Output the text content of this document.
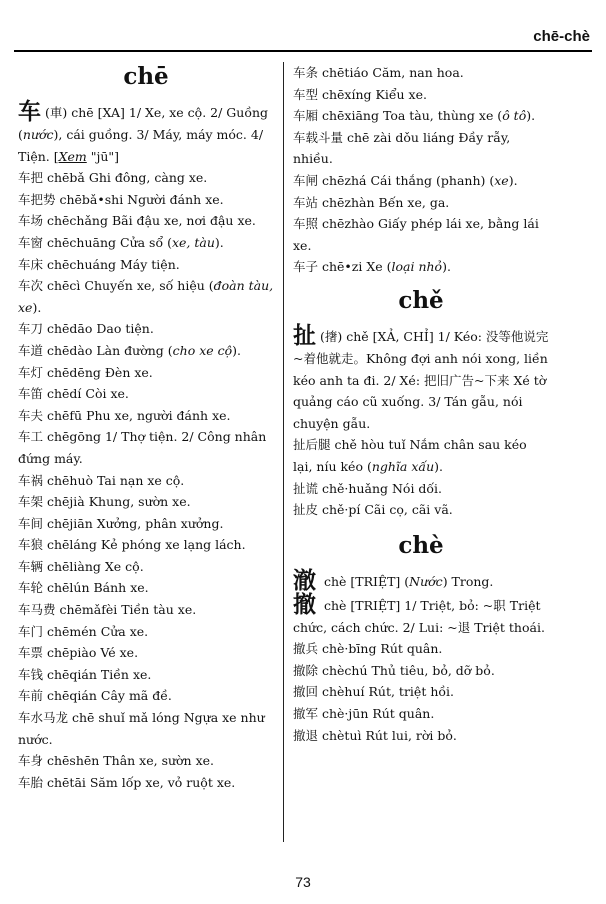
chē-chè
chē
车 (車) chē [XA] 1/ Xe, xe cộ. 2/ Guồng (nước), cái guồng. 3/ Máy, máy móc. 4/ Tiện. [Xem "jū"]
车把 chēbǎ Ghi đông, càng xe.
车把势 chēbǎ•shi Người đánh xe.
车场 chēchǎng Bãi đậu xe, nơi đậu xe.
车窗 chēchuāng Cửa sổ (xe, tàu).
车床 chēchuáng Máy tiện.
车次 chēcì Chuyến xe, số hiệu (đoàn tàu, xe).
车刀 chēdāo Dao tiện.
车道 chēdào Làn đường (cho xe cộ).
车灯 chēdēng Đèn xe.
车笛 chēdí Còi xe.
车夫 chēfū Phu xe, người đánh xe.
车工 chēgōng 1/ Thợ tiện. 2/ Công nhân đứng máy.
车祸 chēhuò Tai nạn xe cộ.
车架 chējià Khung, sườn xe.
车间 chējiān Xưởng, phân xưởng.
车狼 chēláng Kẻ phóng xe lạng lách.
车辆 chēliàng Xe cộ.
车轮 chēlún Bánh xe.
车马费 chēmǎfèi Tiền tàu xe.
车门 chēmén Cửa xe.
车票 chēpiào Vé xe.
车钱 chēqián Tiền xe.
车前 chēqián Cây mã đề.
车水马龙 chē shuǐ mǎ lóng Ngựa xe như nước.
车身 chēshēn Thân xe, sườn xe.
车胎 chētāi Săm lốp xe, vỏ ruột xe.
车条 chētiáo Căm, nan hoa.
车型 chēxíng Kiểu xe.
车厢 chēxiāng Toa tàu, thùng xe (ô tô).
车载斗量 chē zài dǒu liáng Đầy rẫy, nhiều.
车闸 chēzhá Cái thắng (phanh) (xe).
车站 chēzhàn Bến xe, ga.
车照 chēzhào Giấy phép lái xe, bằng lái xe.
车子 chē•zi Xe (loại nhỏ).
chě
扯 (撦) chě [XẢ, CHỈ] 1/ Kéo: 没等他说完~着他就走。Không đợi anh nói xong, liền kéo anh ta đi. 2/ Xé: 把旧广告~下来 Xé tờ quảng cáo cũ xuống. 3/ Tán gẫu, nói chuyện gẫu.
扯后腿 chě hòu tuǐ Nắm chân sau kéo lại, níu kéo (nghĩa xấu).
扯谎 chě·huǎng Nói dối.
扯皮 chě·pí Cãi cọ, cãi vã.
chè
澈 chè [TRIỆT] (Nước) Trong.
撤 chè [TRIỆT] 1/ Triệt, bỏ: ~职 Triệt chức, cách chức. 2/ Lui: ~退 Triệt thoái.
撤兵 chè·bīng Rút quân.
撤除 chèchú Thủ tiêu, bỏ, dỡ bỏ.
撤回 chèhuí Rút, triệt hồi.
撤军 chè·jūn Rút quân.
撤退 chètuì Rút lui, rời bỏ.
73
